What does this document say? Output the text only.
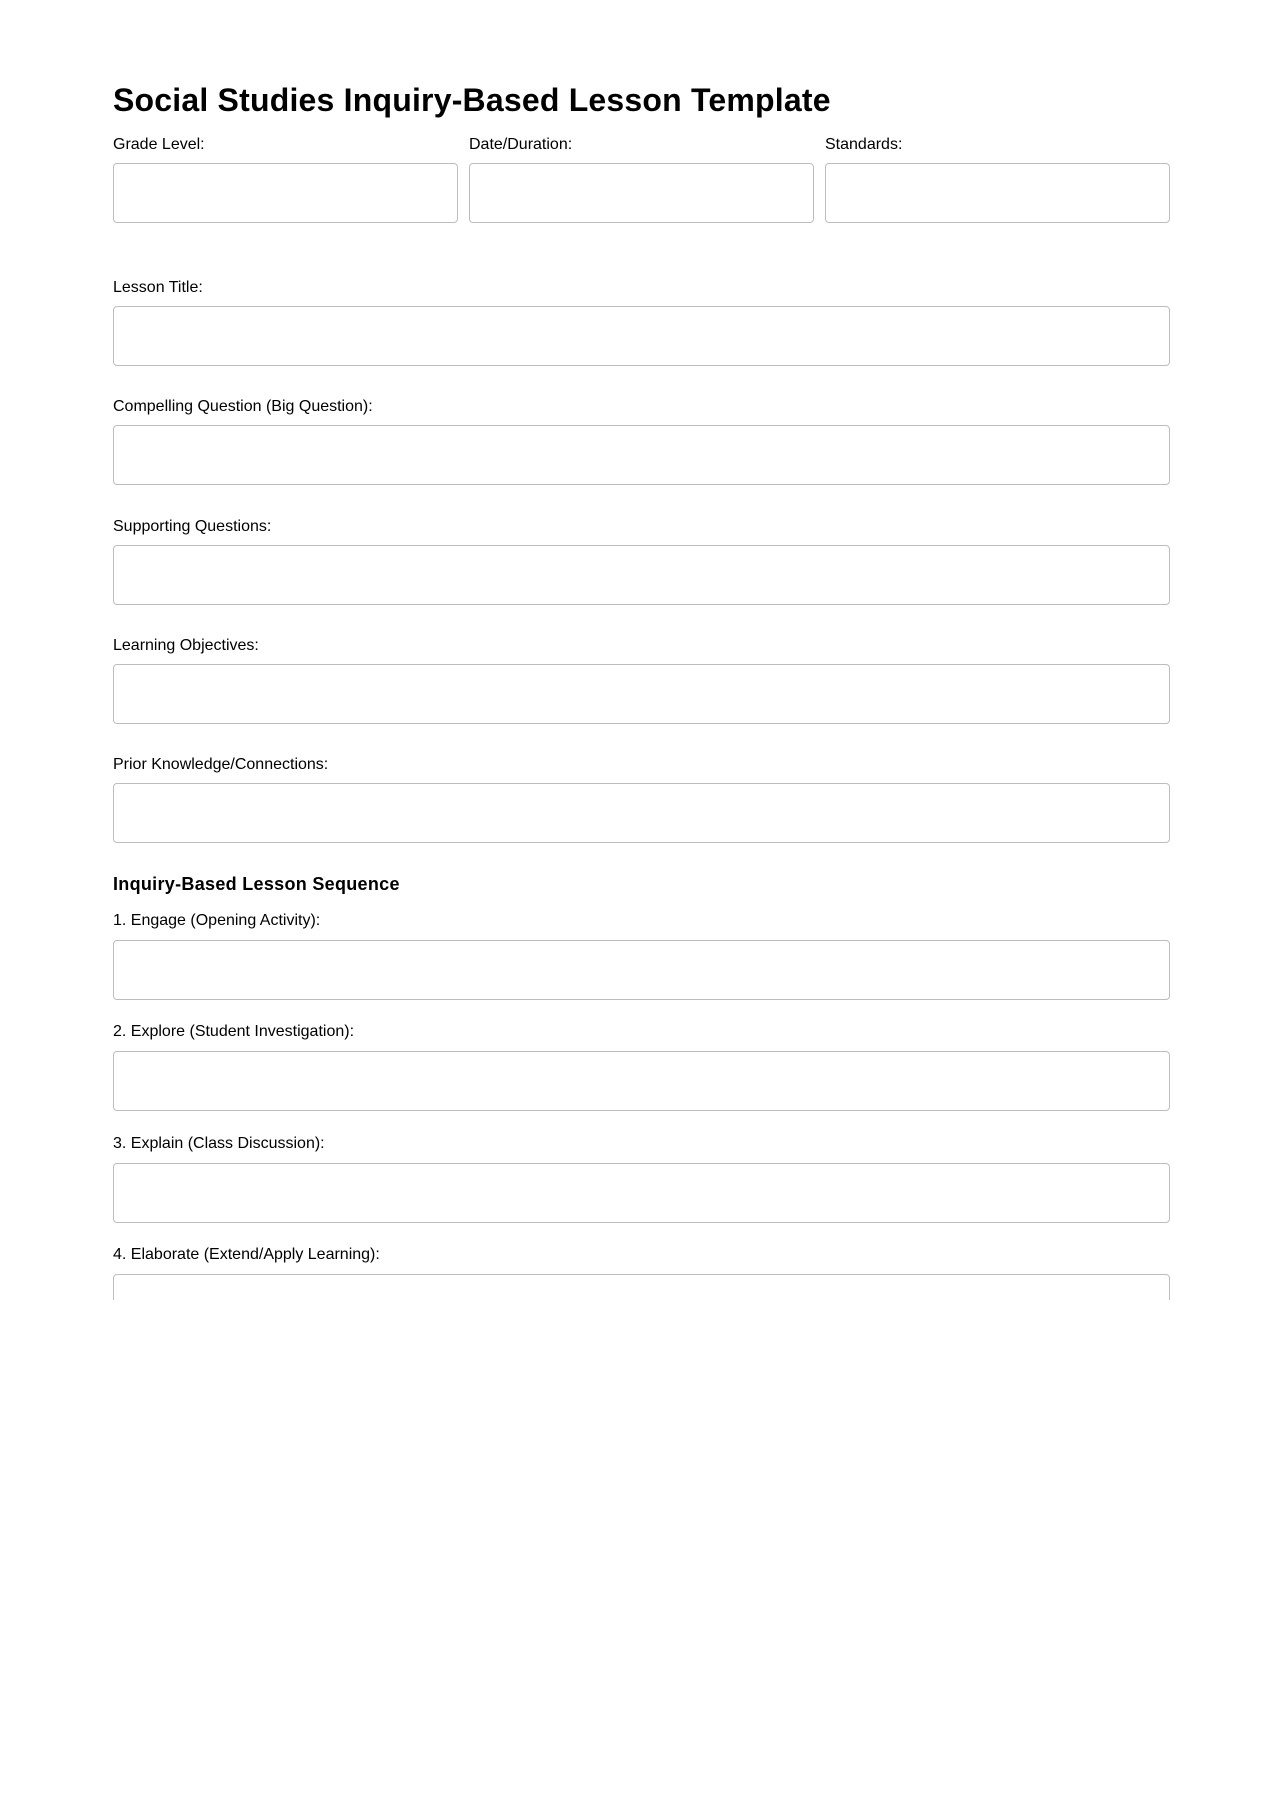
Social Studies Inquiry-Based Lesson Template
Grade Level:	Date/Duration:	Standards:
Lesson Title:
Compelling Question (Big Question):
Supporting Questions:
Learning Objectives:
Prior Knowledge/Connections:
Inquiry-Based Lesson Sequence
1. Engage (Opening Activity):
2. Explore (Student Investigation):
3. Explain (Class Discussion):
4. Elaborate (Extend/Apply Learning):
